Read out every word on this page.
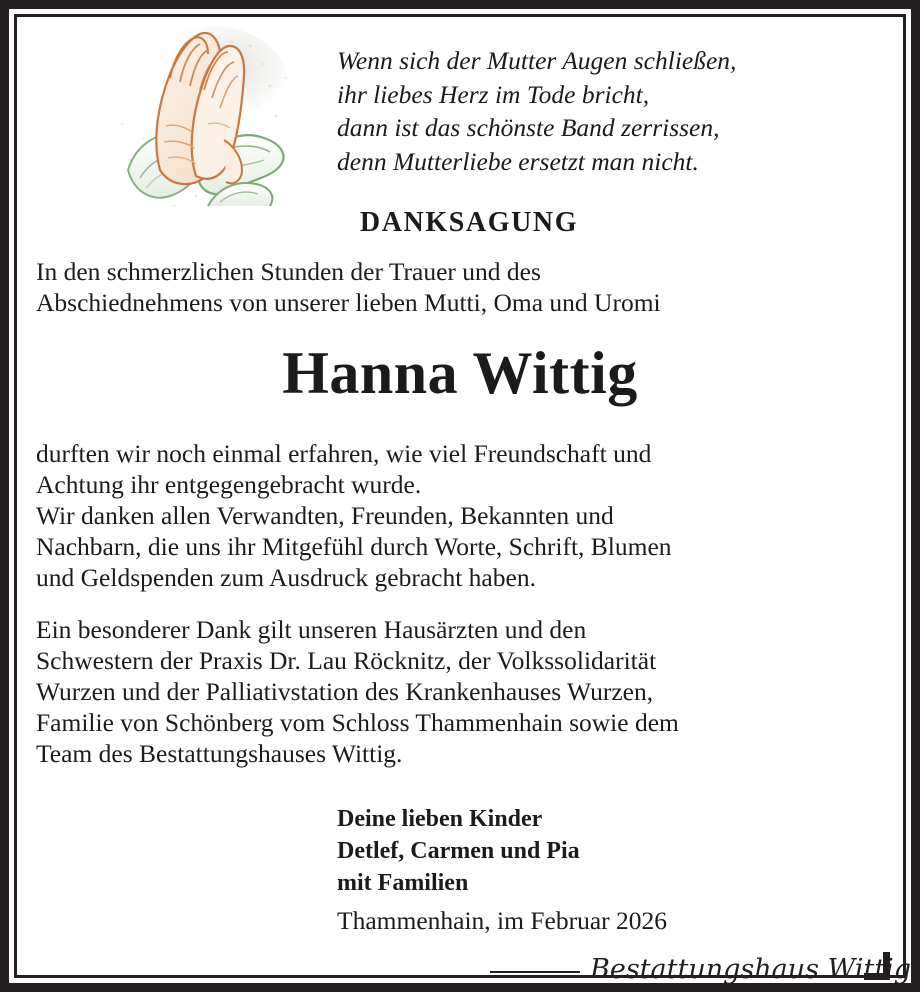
Wenn sich der Mutter Augen schließen,
ihr liebes Herz im Tode bricht,
dann ist das schönste Band zerrissen,
denn Mutterliebe ersetzt man nicht.
DANKSAGUNG
In den schmerzlichen Stunden der Trauer und des
Abschiednehmens von unserer lieben Mutti, Oma und Uromi
Hanna Wittig
durften wir noch einmal erfahren, wie viel Freundschaft und
Achtung ihr entgegengebracht wurde.
Wir danken allen Verwandten, Freunden, Bekannten und
Nachbarn, die uns ihr Mitgefühl durch Worte, Schrift, Blumen
und Geldspenden zum Ausdruck gebracht haben.
Ein besonderer Dank gilt unseren Hausärzten und den
Schwestern der Praxis Dr. Lau Röcknitz, der Volkssolidarität
Wurzen und der Palliativstation des Krankenhauses Wurzen,
Familie von Schönberg vom Schloss Thammenhain sowie dem
Team des Bestattungshauses Wittig.
Deine lieben Kinder
Detlef, Carmen und Pia
mit Familien
Thammenhain, im Februar 2026
Bestattungshaus Wittig
